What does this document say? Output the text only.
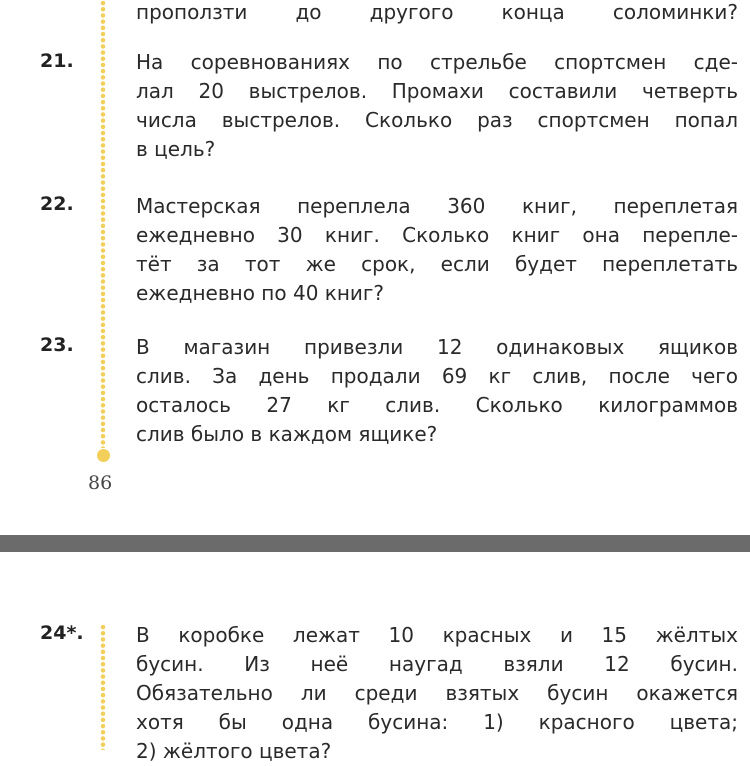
проползти до другого конца соломинки?
21.	На соревнованиях по стрельбе спортсмен сде-
лал 20 выстрелов. Промахи составили четверть
числа выстрелов. Сколько раз спортсмен попал
в цель?
22.	Мастерская переплела 360 книг, переплетая
ежедневно 30 книг. Сколько книг она перепле-
тёт за тот же срок, если будет переплетать
ежедневно по 40 книг?
23.	В магазин привезли 12 одинаковых ящиков
слив. За день продали 69 кг слив, после чего
осталось 27 кг слив. Сколько килограммов
слив было в каждом ящике?
86
24*.	В коробке лежат 10 красных и 15 жёлтых
бусин. Из неё наугад взяли 12 бусин.
Обязательно ли среди взятых бусин окажется
хотя бы одна бусина: 1) красного цвета;
2) жёлтого цвета?
